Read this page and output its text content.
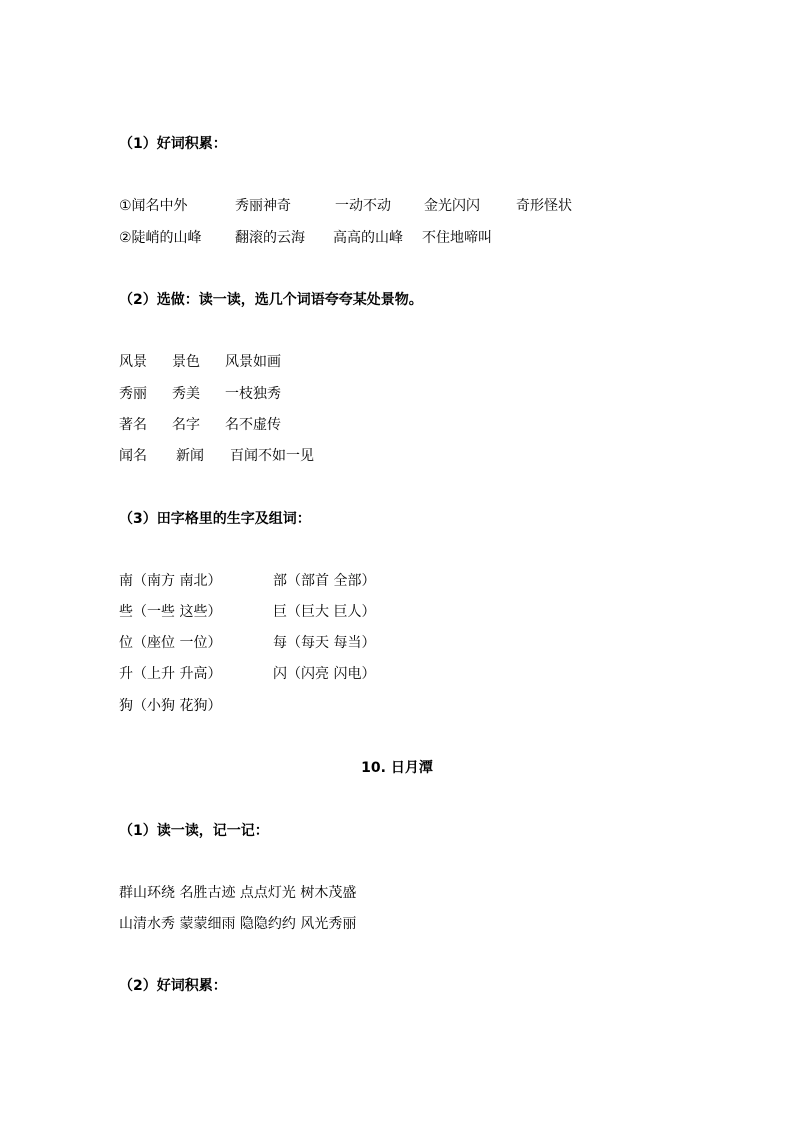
（1）好词积累：
①闻名中外	秀丽神奇	一动不动 金光闪闪	奇形怪状
②陡峭的山峰 翻滚的云海 高高的山峰 不住地啼叫
（2）选做：读一读，选几个词语夸夸某处景物。
风景 景色 风景如画
秀丽 秀美 一枝独秀
著名 名字 名不虚传
闻名 新闻 百闻不如一见
（3）田字格里的生字及组词：
南（南方 南北）	部（部首 全部）
些（一些 这些）	巨（巨大 巨人）
位（座位 一位）	每（每天 每当）
升（上升 升高）	闪（闪亮 闪电）
狗（小狗 花狗）
10. 日月潭
（1）读一读，记一记：
群山环绕 名胜古迹 点点灯光 树木茂盛
山清水秀 蒙蒙细雨 隐隐约约 风光秀丽
（2）好词积累：
